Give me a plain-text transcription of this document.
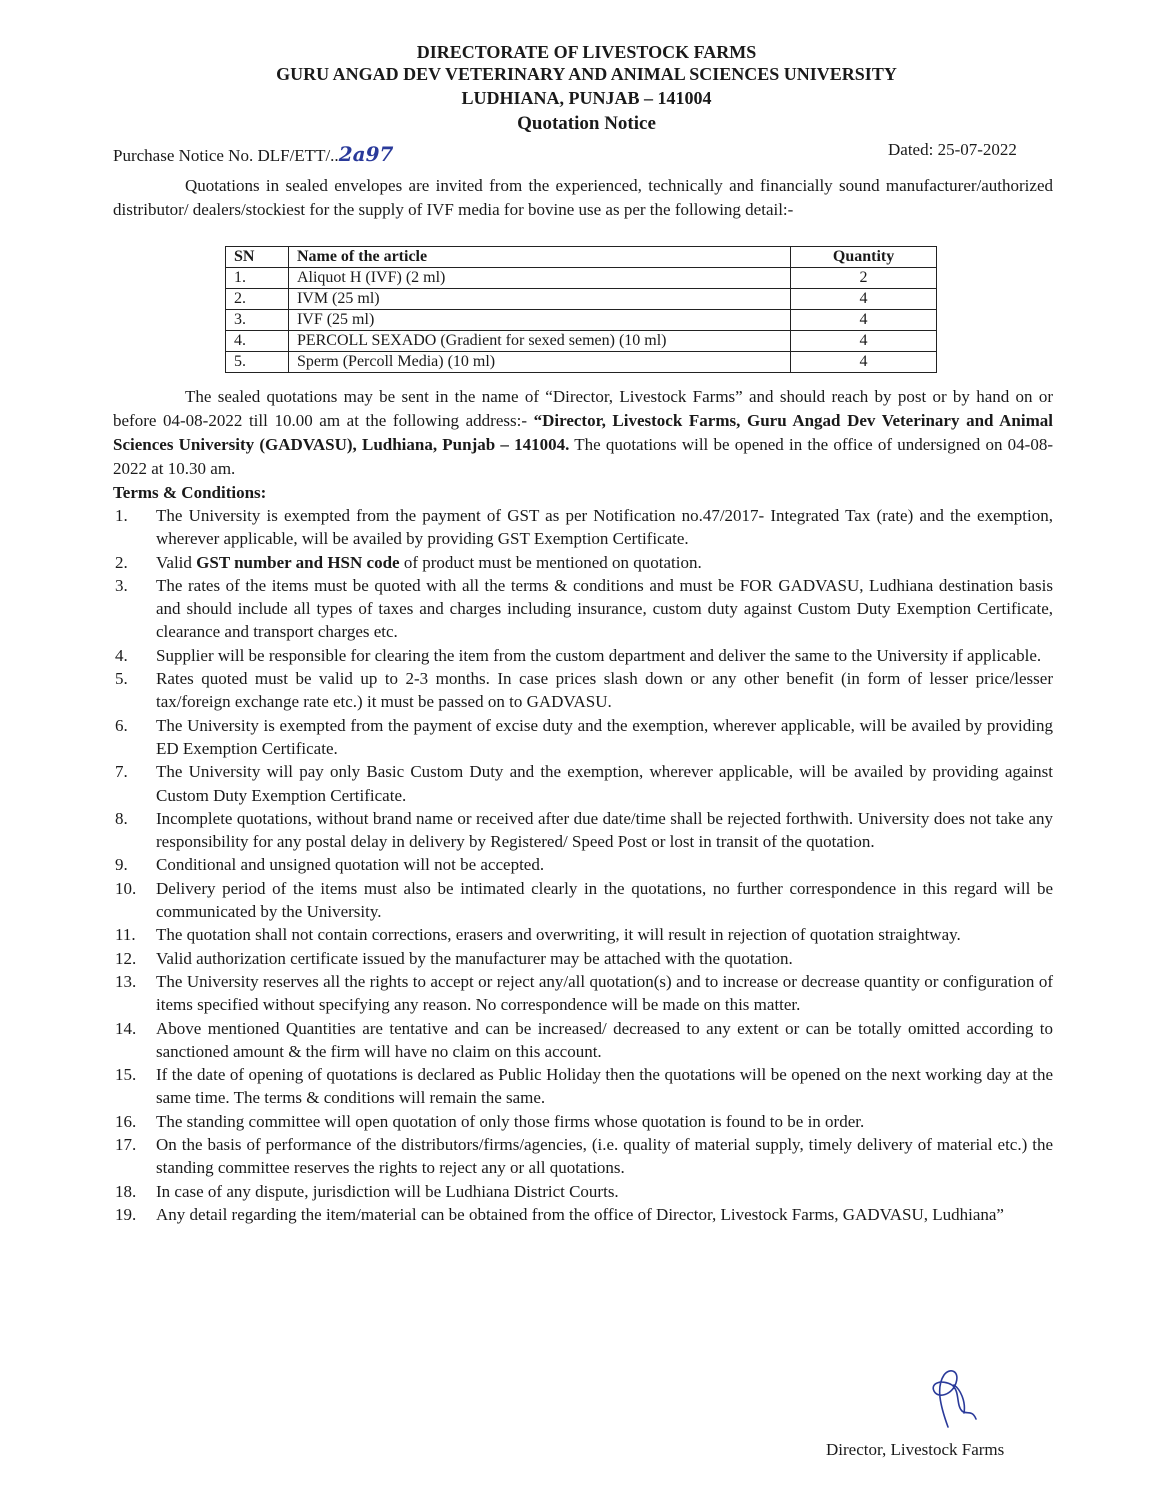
DIRECTORATE OF LIVESTOCK FARMS
GURU ANGAD DEV VETERINARY AND ANIMAL SCIENCES UNIVERSITY
LUDHIANA, PUNJAB – 141004
Quotation Notice
Purchase Notice No. DLF/ETT/..2a97	Dated: 25-07-2022
Quotations in sealed envelopes are invited from the experienced, technically and financially sound manufacturer/authorized distributor/ dealers/stockiest for the supply of IVF media for bovine use as per the following detail:-
SN	Name of the article	Quantity
1.	Aliquot H (IVF) (2 ml)	2
2.	IVM (25 ml)	4
3.	IVF (25 ml)	4
4.	PERCOLL SEXADO (Gradient for sexed semen) (10 ml)	4
5.	Sperm (Percoll Media) (10 ml)	4
The sealed quotations may be sent in the name of “Director, Livestock Farms” and should reach by post or by hand on or before 04-08-2022 till 10.00 am at the following address:- “Director, Livestock Farms, Guru Angad Dev Veterinary and Animal Sciences University (GADVASU), Ludhiana, Punjab – 141004. The quotations will be opened in the office of undersigned on 04-08-2022 at 10.30 am.
Terms & Conditions:
1.	The University is exempted from the payment of GST as per Notification no.47/2017- Integrated Tax (rate) and the exemption, wherever applicable, will be availed by providing GST Exemption Certificate.
2.	Valid GST number and HSN code of product must be mentioned on quotation.
3.	The rates of the items must be quoted with all the terms & conditions and must be FOR GADVASU, Ludhiana destination basis and should include all types of taxes and charges including insurance, custom duty against Custom Duty Exemption Certificate, clearance and transport charges etc.
4.	Supplier will be responsible for clearing the item from the custom department and deliver the same to the University if applicable.
5.	Rates quoted must be valid up to 2-3 months. In case prices slash down or any other benefit (in form of lesser price/lesser tax/foreign exchange rate etc.) it must be passed on to GADVASU.
6.	The University is exempted from the payment of excise duty and the exemption, wherever applicable, will be availed by providing ED Exemption Certificate.
7.	The University will pay only Basic Custom Duty and the exemption, wherever applicable, will be availed by providing against Custom Duty Exemption Certificate.
8.	Incomplete quotations, without brand name or received after due date/time shall be rejected forthwith. University does not take any responsibility for any postal delay in delivery by Registered/ Speed Post or lost in transit of the quotation.
9.	Conditional and unsigned quotation will not be accepted.
10.	Delivery period of the items must also be intimated clearly in the quotations, no further correspondence in this regard will be communicated by the University.
11.	The quotation shall not contain corrections, erasers and overwriting, it will result in rejection of quotation straightway.
12.	Valid authorization certificate issued by the manufacturer may be attached with the quotation.
13.	The University reserves all the rights to accept or reject any/all quotation(s) and to increase or decrease quantity or configuration of items specified without specifying any reason. No correspondence will be made on this matter.
14.	Above mentioned Quantities are tentative and can be increased/ decreased to any extent or can be totally omitted according to sanctioned amount & the firm will have no claim on this account.
15.	If the date of opening of quotations is declared as Public Holiday then the quotations will be opened on the next working day at the same time. The terms & conditions will remain the same.
16.	The standing committee will open quotation of only those firms whose quotation is found to be in order.
17.	On the basis of performance of the distributors/firms/agencies, (i.e. quality of material supply, timely delivery of material etc.) the standing committee reserves the rights to reject any or all quotations.
18.	In case of any dispute, jurisdiction will be Ludhiana District Courts.
19.	Any detail regarding the item/material can be obtained from the office of Director, Livestock Farms, GADVASU, Ludhiana”
Director, Livestock Farms
